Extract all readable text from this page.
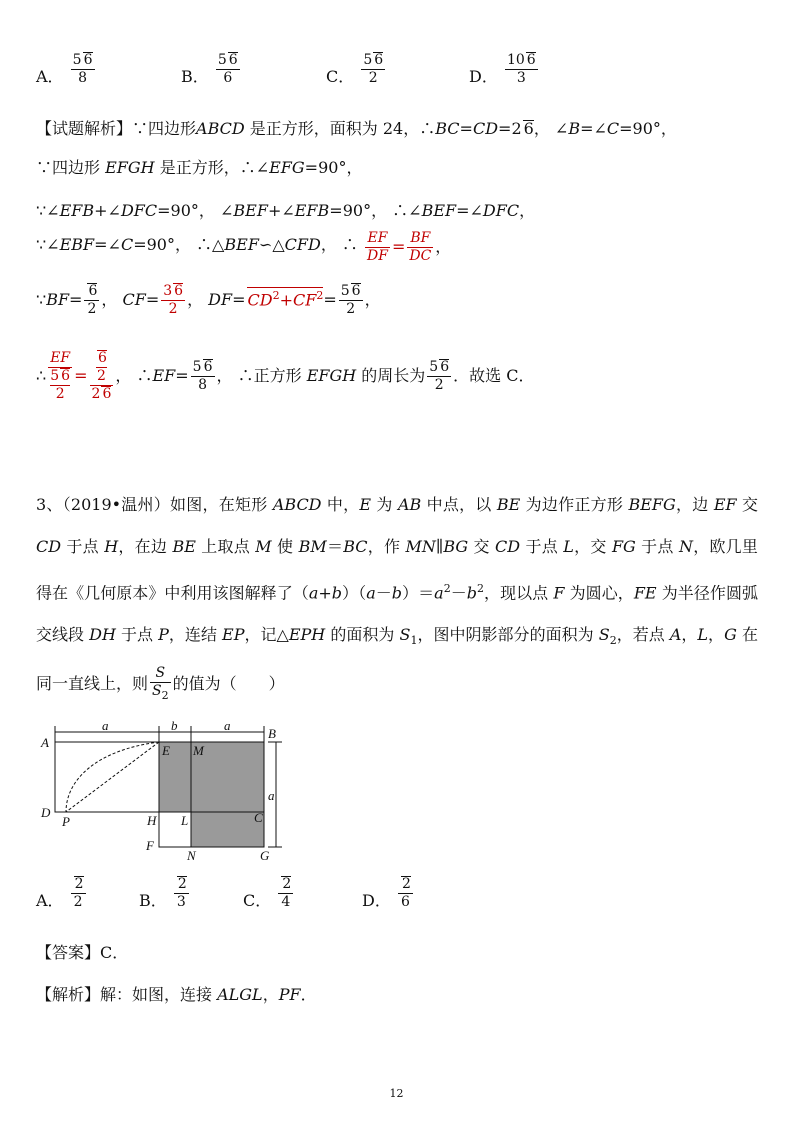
A． $\frac{5 6}{8}$	B． $\frac{5 6}{6}$	C． $\frac{5 6}{2}$	D． $\frac{10 6}{3}$
【试题解析】∵四边形ABCD 是正方形，面积为 24，∴BC=CD=2 6， ∠B=∠C=90°，
∵四边形 EFGH 是正方形，∴∠EFG=90°，
∵∠EFB+∠DFC=90°， ∠BEF+∠EFB=90°， ∴∠BEF=∠DFC，
∵∠EBF=∠C=90°， ∴△BEF∽△CFD， ∴ $\frac{EF}{DF} = \frac{BF}{DC}$ ，
∵BF= $\frac{6}{2}$ ， $CF= \frac{3 6}{2}$ ， $DF= CD^2+CF^2= \frac{5 6}{2}$ ，
∴
EF
5 6
2
=
6
2
2 6
， ∴EF= $\frac{5 6}{8}$ ， ∴正方形 EFGH 的周长为 $\frac{5 6}{2}$ ．故选 C．
3、（2019•温州）如图，在矩形 ABCD 中，E 为 AB 中点，以 BE 为边作正方形 BEFG，边 EF 交 CD 于点 H，在边 BE 上取点 M 使 BM＝BC，作 MN∥BG 交 CD 于点 L，交 FG 于点 N，欧几里得在《几何原本》中利用该图解释了$(a+b)(a-b)=a^2-b^2$，现以点 F 为圆心，FE 为半径作圆弧交线段 DH 于点 P，连结 EP，记△EPH 的面积为 $S_1$，图中阴影部分的面积为 $S_2$，若点 A，L，G 在同一直线上，则 $\frac{S}{S_2}$ 的值为（　　）
a	b	a
a
A
B
C
D
E M
H L
P
F
N	G
A． $\frac{2}{2}$	B． $\frac{2}{3}$	C． $\frac{2}{4}$	D． $\frac{2}{6}$
【答案】C．
【解析】解：如图，连接 ALGL，PF．
12
